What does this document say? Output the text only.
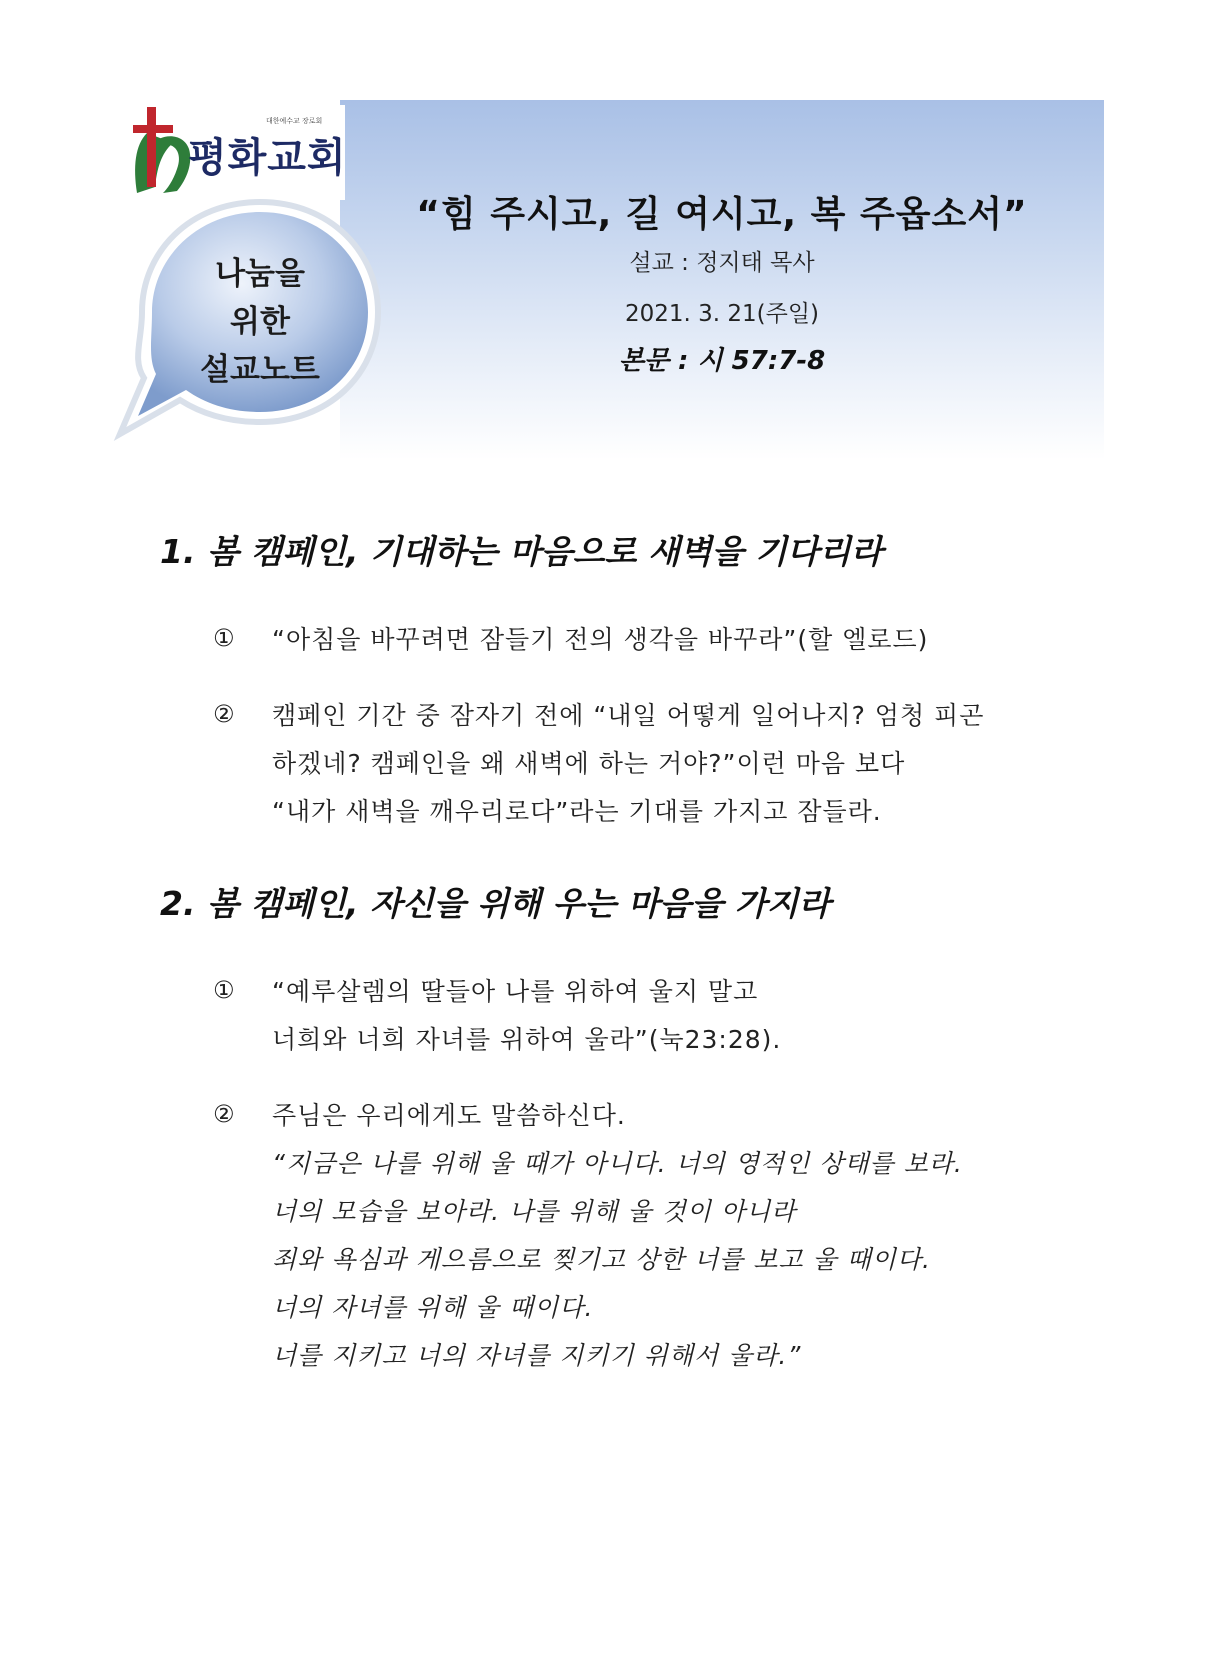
대한예수교 장로회
평화교회
나눔을
위한
설교노트
“힘 주시고, 길 여시고, 복 주옵소서”
설교 : 정지태 목사
2021. 3. 21(주일)
본문 : 시 57:7-8
1. 봄 캠페인, 기대하는 마음으로 새벽을 기다리라
① “아침을 바꾸려면 잠들기 전의 생각을 바꾸라”(할 엘로드)
② 캠페인 기간 중 잠자기 전에 “내일 어떻게 일어나지? 엄청 피곤
하겠네? 캠페인을 왜 새벽에 하는 거야?”이런 마음 보다
“내가 새벽을 깨우리로다”라는 기대를 가지고 잠들라.
2. 봄 캠페인, 자신을 위해 우는 마음을 가지라
① “예루살렘의 딸들아 나를 위하여 울지 말고
너희와 너희 자녀를 위하여 울라”(눅23:28).
② 주님은 우리에게도 말씀하신다.
“지금은 나를 위해 울 때가 아니다. 너의 영적인 상태를 보라.
너의 모습을 보아라. 나를 위해 울 것이 아니라
죄와 욕심과 게으름으로 찢기고 상한 너를 보고 울 때이다.
너의 자녀를 위해 울 때이다.
너를 지키고 너의 자녀를 지키기 위해서 울라.”
